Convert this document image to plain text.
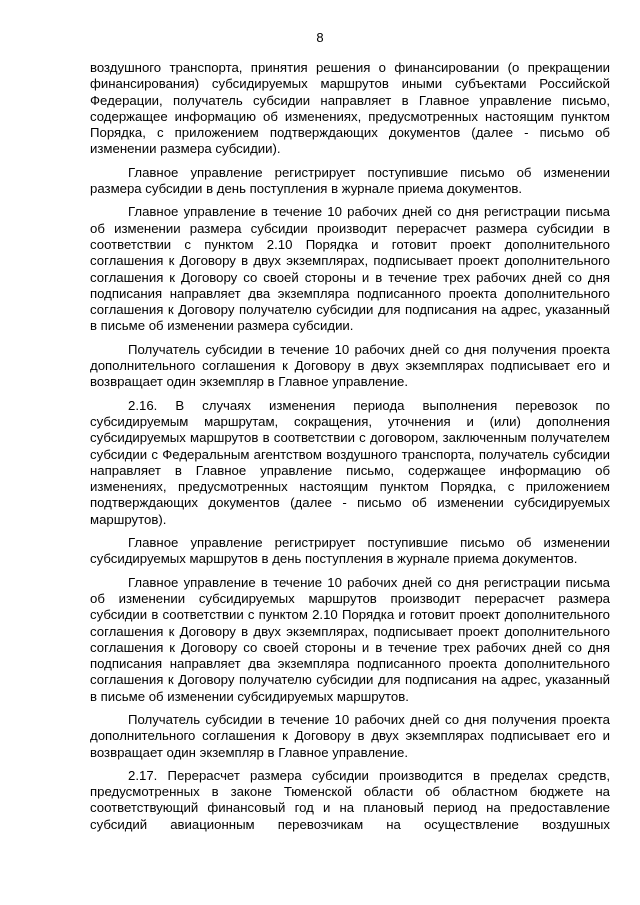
8

воздушного транспорта, принятия решения о финансировании (о прекращении финансирования) субсидируемых маршрутов иными субъектами Российской Федерации, получатель субсидии направляет в Главное управление письмо, содержащее информацию об изменениях, предусмотренных настоящим пунктом Порядка, с приложением подтверждающих документов (далее - письмо об изменении размера субсидии).

Главное управление регистрирует поступившие письмо об изменении размера субсидии в день поступления в журнале приема документов.

Главное управление в течение 10 рабочих дней со дня регистрации письма об изменении размера субсидии производит перерасчет размера субсидии в соответствии с пунктом 2.10 Порядка и готовит проект дополнительного соглашения к Договору в двух экземплярах, подписывает проект дополнительного соглашения к Договору со своей стороны и в течение трех рабочих дней со дня подписания направляет два экземпляра подписанного проекта дополнительного соглашения к Договору получателю субсидии для подписания на адрес, указанный в письме об изменении размера субсидии.

Получатель субсидии в течение 10 рабочих дней со дня получения проекта дополнительного соглашения к Договору в двух экземплярах подписывает его и возвращает один экземпляр в Главное управление.

2.16. В случаях изменения периода выполнения перевозок по субсидируемым маршрутам, сокращения, уточнения и (или) дополнения субсидируемых маршрутов в соответствии с договором, заключенным получателем субсидии с Федеральным агентством воздушного транспорта, получатель субсидии направляет в Главное управление письмо, содержащее информацию об изменениях, предусмотренных настоящим пунктом Порядка, с приложением подтверждающих документов (далее - письмо об изменении субсидируемых маршрутов).

Главное управление регистрирует поступившие письмо об изменении субсидируемых маршрутов в день поступления в журнале приема документов.

Главное управление в течение 10 рабочих дней со дня регистрации письма об изменении субсидируемых маршрутов производит перерасчет размера субсидии в соответствии с пунктом 2.10 Порядка и готовит проект дополнительного соглашения к Договору в двух экземплярах, подписывает проект дополнительного соглашения к Договору со своей стороны и в течение трех рабочих дней со дня подписания направляет два экземпляра подписанного проекта дополнительного соглашения к Договору получателю субсидии для подписания на адрес, указанный в письме об изменении субсидируемых маршрутов.

Получатель субсидии в течение 10 рабочих дней со дня получения проекта дополнительного соглашения к Договору в двух экземплярах подписывает его и возвращает один экземпляр в Главное управление.

2.17. Перерасчет размера субсидии производится в пределах средств, предусмотренных в законе Тюменской области об областном бюджете на соответствующий финансовый год и на плановый период на предоставление субсидий авиационным перевозчикам на осуществление воздушных
